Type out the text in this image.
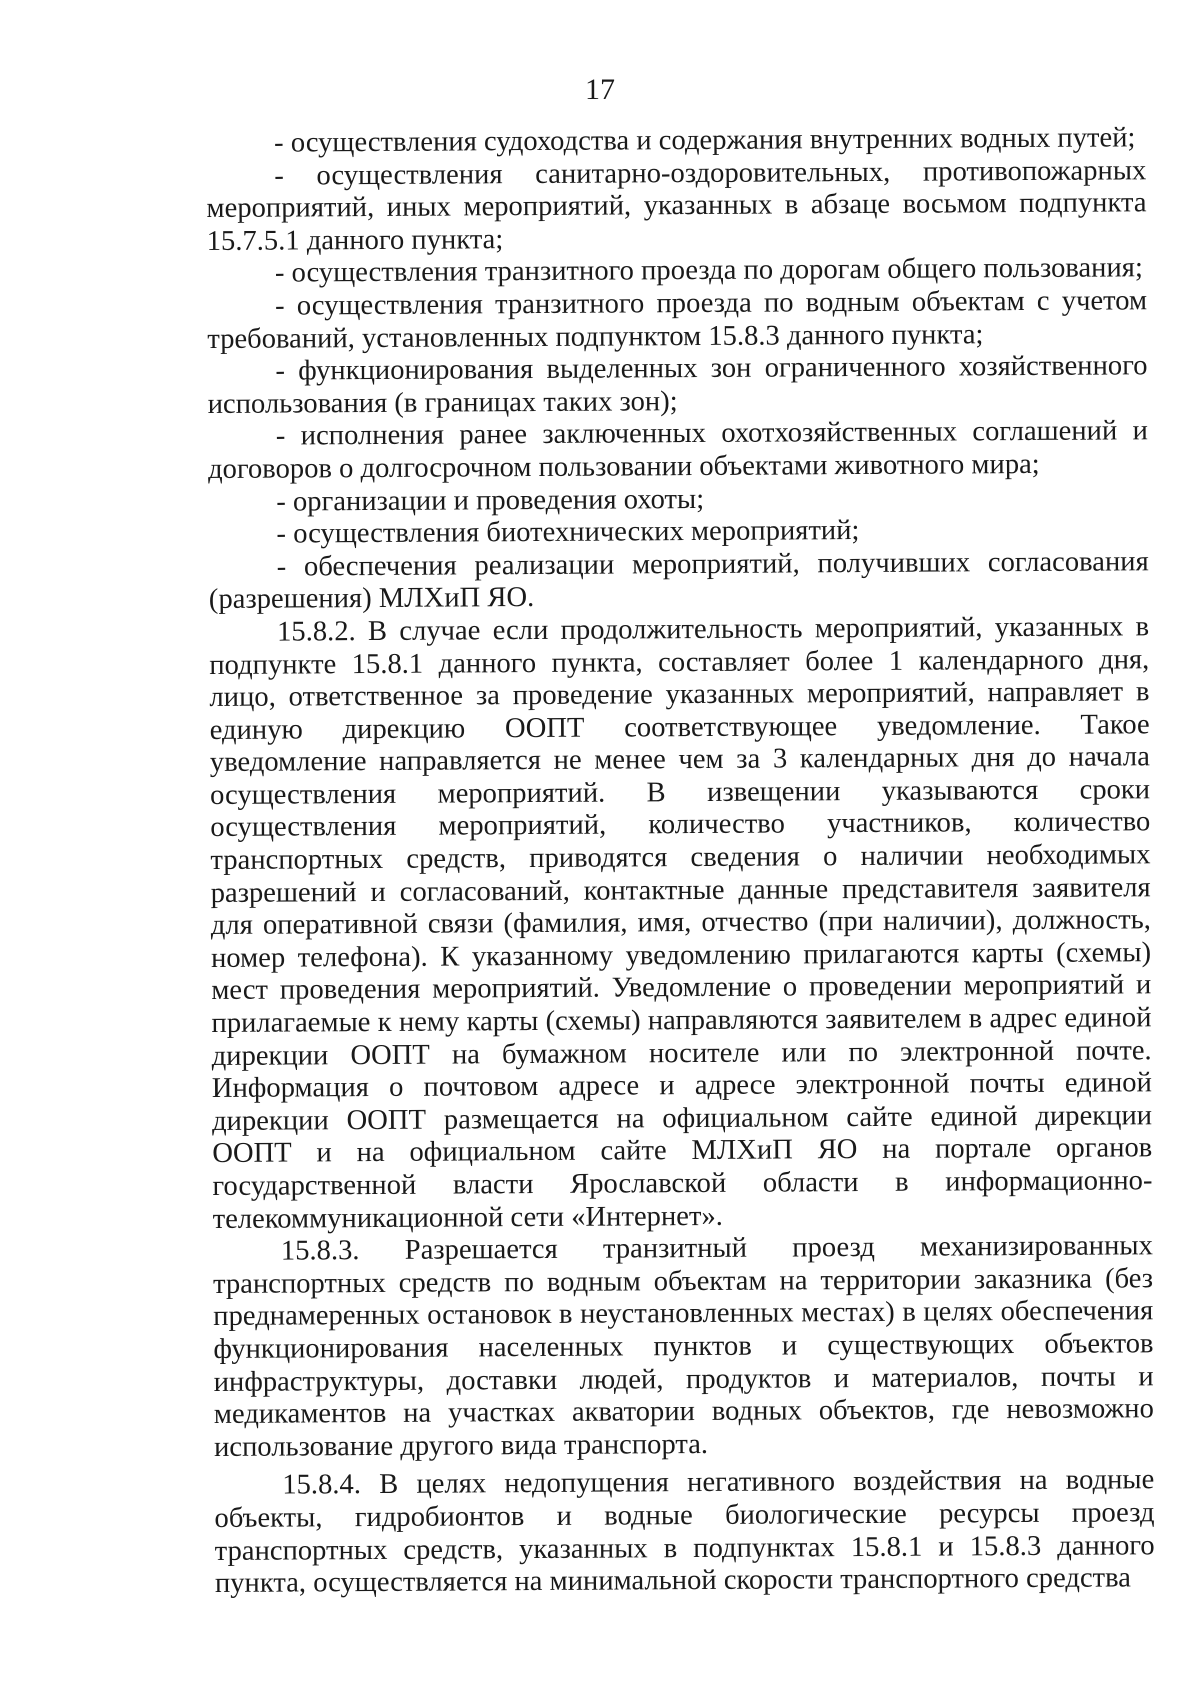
17

- осуществления судоходства и содержания внутренних водных путей;

- осуществления санитарно-оздоровительных, противопожарных мероприятий, иных мероприятий, указанных в абзаце восьмом подпункта 15.7.5.1 данного пункта;

- осуществления транзитного проезда по дорогам общего пользования;

- осуществления транзитного проезда по водным объектам с учетом требований, установленных подпунктом 15.8.3 данного пункта;

- функционирования выделенных зон ограниченного хозяйственного использования (в границах таких зон);

- исполнения ранее заключенных охотхозяйственных соглашений и договоров о долгосрочном пользовании объектами животного мира;

- организации и проведения охоты;

- осуществления биотехнических мероприятий;

- обеспечения реализации мероприятий, получивших согласования (разрешения) МЛХиП ЯО.

15.8.2. В случае если продолжительность мероприятий, указанных в подпункте 15.8.1 данного пункта, составляет более 1 календарного дня, лицо, ответственное за проведение указанных мероприятий, направляет в единую дирекцию ООПТ соответствующее уведомление. Такое уведомление направляется не менее чем за 3 календарных дня до начала осуществления мероприятий. В извещении указываются сроки осуществления мероприятий, количество участников, количество транспортных средств, приводятся сведения о наличии необходимых разрешений и согласований, контактные данные представителя заявителя для оперативной связи (фамилия, имя, отчество (при наличии), должность, номер телефона). К указанному уведомлению прилагаются карты (схемы) мест проведения мероприятий. Уведомление о проведении мероприятий и прилагаемые к нему карты (схемы) направляются заявителем в адрес единой дирекции ООПТ на бумажном носителе или по электронной почте. Информация о почтовом адресе и адресе электронной почты единой дирекции ООПТ размещается на официальном сайте единой дирекции ООПТ и на официальном сайте МЛХиП ЯО на портале органов государственной власти Ярославской области в информационно-телекоммуникационной сети «Интернет».

15.8.3. Разрешается транзитный проезд механизированных транспортных средств по водным объектам на территории заказника (без преднамеренных остановок в неустановленных местах) в целях обеспечения функционирования населенных пунктов и существующих объектов инфраструктуры, доставки людей, продуктов и материалов, почты и медикаментов на участках акватории водных объектов, где невозможно использование другого вида транспорта.

15.8.4. В целях недопущения негативного воздействия на водные объекты, гидробионтов и водные биологические ресурсы проезд транспортных средств, указанных в подпунктах 15.8.1 и 15.8.3 данного пункта, осуществляется на минимальной скорости транспортного средства
